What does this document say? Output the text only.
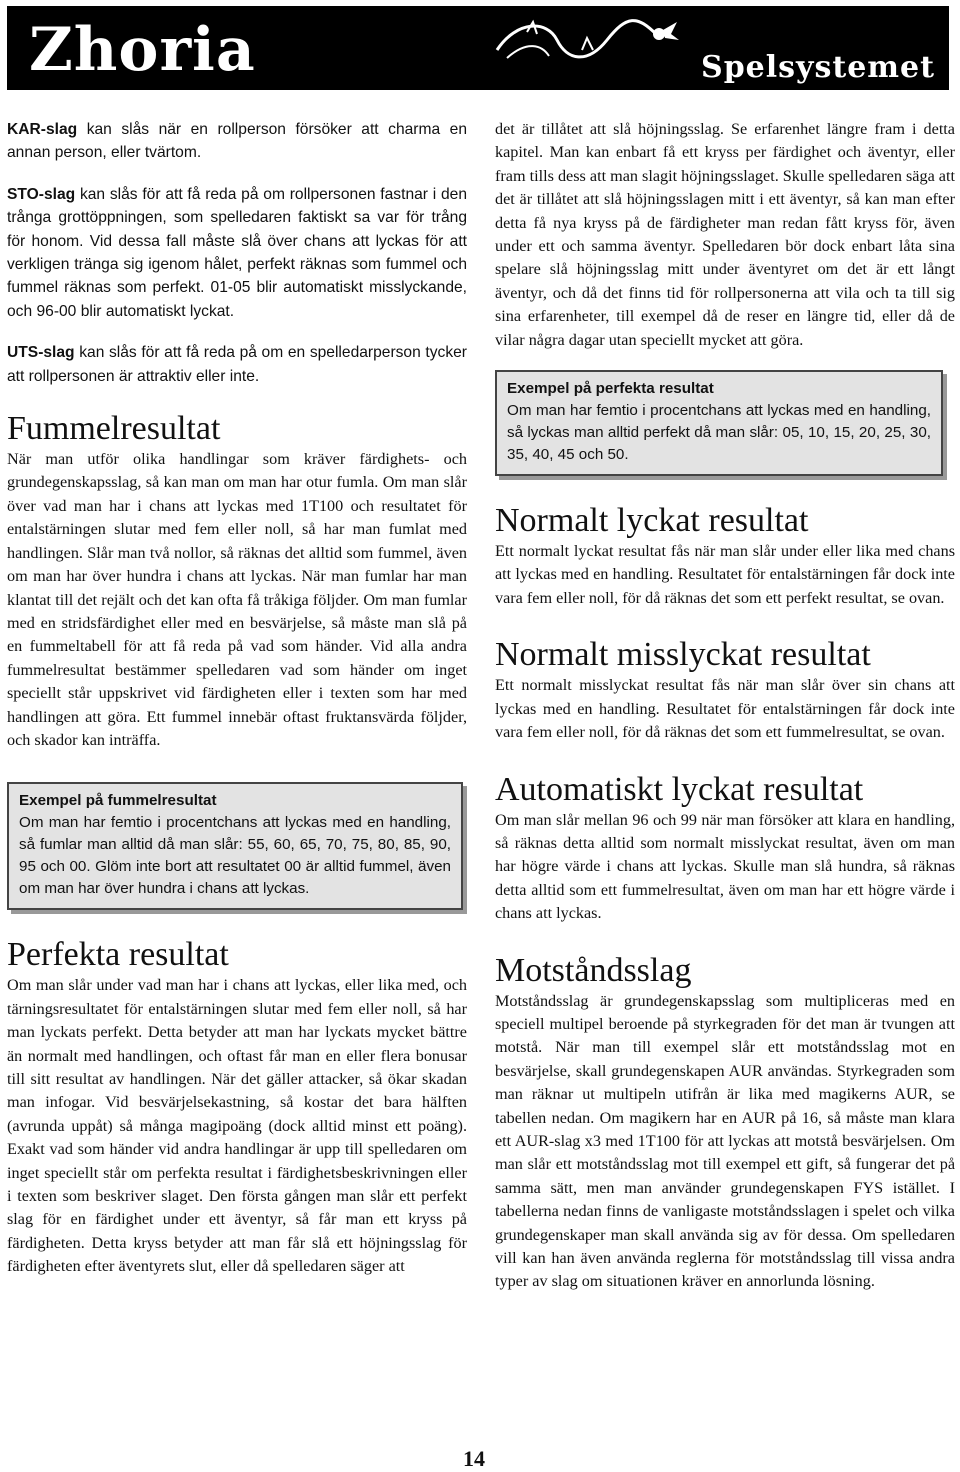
Zhoria	Spelsystemet

KAR-slag kan slås när en rollperson försöker att charma en annan person, eller tvärtom.

STO-slag kan slås för att få reda på om rollpersonen fastnar i den trånga grottöppningen, som spelledaren faktiskt sa var för trång för honom. Vid dessa fall måste slå över chans att lyckas för att verkligen tränga sig igenom hålet, perfekt räknas som fummel och fummel räknas som perfekt. 01-05 blir automatiskt misslyckande, och 96-00 blir automatiskt lyckat.

UTS-slag kan slås för att få reda på om en spelledarperson tycker att rollpersonen är attraktiv eller inte.

Fummelresultat

När man utför olika handlingar som kräver färdighets- och grundegenskapsslag, så kan man om man har otur fumla. Om man slår över vad man har i chans att lyckas med 1T100 och resultatet för entalstärningen slutar med fem eller noll, så har man fumlat med handlingen. Slår man två nollor, så räknas det alltid som fummel, även om man har över hundra i chans att lyckas. När man fumlar har man klantat till det rejält och det kan ofta få tråkiga följder. Om man fumlar med en stridsfärdighet eller med en besvärjelse, så måste man slå på en fummeltabell för att få reda på vad som händer. Vid alla andra fummelresultat bestämmer spelledaren vad som händer om inget speciellt står uppskrivet vid färdigheten eller i texten som har med handlingen att göra. Ett fummel innebär oftast fruktansvärda följder, och skador kan inträffa.

Exempel på fummelresultat
Om man har femtio i procentchans att lyckas med en handling, så fumlar man alltid då man slår: 55, 60, 65, 70, 75, 80, 85, 90, 95 och 00. Glöm inte bort att resultatet 00 är alltid fummel, även om man har över hundra i chans att lyckas.
Perfekta resultat

Om man slår under vad man har i chans att lyckas, eller lika med, och tärningsresultatet för entalstärningen slutar med fem eller noll, så har man lyckats perfekt. Detta betyder att man har lyckats mycket bättre än normalt med handlingen, och oftast får man en eller flera bonusar till sitt resultat av handlingen. När det gäller attacker, så ökar skadan man infogar. Vid besvärjelsekastning, så kostar det bara hälften (avrunda uppåt) så många magipoäng (dock alltid minst ett poäng). Exakt vad som händer vid andra handlingar är upp till spelledaren om inget speciellt står om perfekta resultat i färdighetsbeskrivningen eller i texten som beskriver slaget. Den första gången man slår ett perfekt slag för en färdighet under ett äventyr, så får man ett kryss på färdigheten. Detta kryss betyder att man får slå ett höjningsslag för färdigheten efter äventyrets slut, eller då spelledaren säger att

det är tillåtet att slå höjningsslag. Se erfarenhet längre fram i detta kapitel. Man kan enbart få ett kryss per färdighet och äventyr, eller fram tills dess att man slagit höjningsslaget. Skulle spelledaren säga att det är tillåtet att slå höjningsslagen mitt i ett äventyr, så kan man efter detta få nya kryss på de färdigheter man redan fått kryss för, även under ett och samma äventyr. Spelledaren bör dock enbart låta sina spelare slå höjningsslag mitt under äventyret om det är ett långt äventyr, och då det finns tid för rollpersonerna att vila och ta till sig sina erfarenheter, till exempel då de reser en längre tid, eller då de vilar några dagar utan speciellt mycket att göra.

Exempel på perfekta resultat
Om man har femtio i procentchans att lyckas med en handling, så lyckas man alltid perfekt då man slår: 05, 10, 15, 20, 25, 30, 35, 40, 45 och 50.
Normalt lyckat resultat

Ett normalt lyckat resultat fås när man slår under eller lika med chans att lyckas med en handling. Resultatet för entalstärningen får dock inte vara fem eller noll, för då räknas det som ett perfekt resultat, se ovan.

Normalt misslyckat resultat

Ett normalt misslyckat resultat fås när man slår över sin chans att lyckas med en handling. Resultatet för entalstärningen får dock inte vara fem eller noll, för då räknas det som ett fummelresultat, se ovan.

Automatiskt lyckat resultat

Om man slår mellan 96 och 99 när man försöker att klara en handling, så räknas detta alltid som normalt misslyckat resultat, även om man har högre värde i chans att lyckas. Skulle man slå hundra, så räknas detta alltid som ett fummelresultat, även om man har ett högre värde i chans att lyckas.

Motståndsslag

Motståndsslag är grundegenskapsslag som multipliceras med en speciell multipel beroende på styrkegraden för det man är tvungen att motstå. När man till exempel slår ett motståndsslag mot en besvärjelse, skall grundegenskapen AUR användas. Styrkegraden som man räknar ut multipeln utifrån är lika med magikerns AUR, se tabellen nedan. Om magikern har en AUR på 16, så måste man klara ett AUR-slag x3 med 1T100 för att lyckas att motstå besvärjelsen. Om man slår ett motståndsslag mot till exempel ett gift, så fungerar det på samma sätt, men man använder grundegenskapen FYS istället. I tabellerna nedan finns de vanligaste motståndsslagen i spelet och vilka grundegenskaper man skall använda sig av för dessa. Om spelledaren vill kan han även använda reglerna för motståndsslag till vissa andra typer av slag om situationen kräver en annorlunda lösning.

14
